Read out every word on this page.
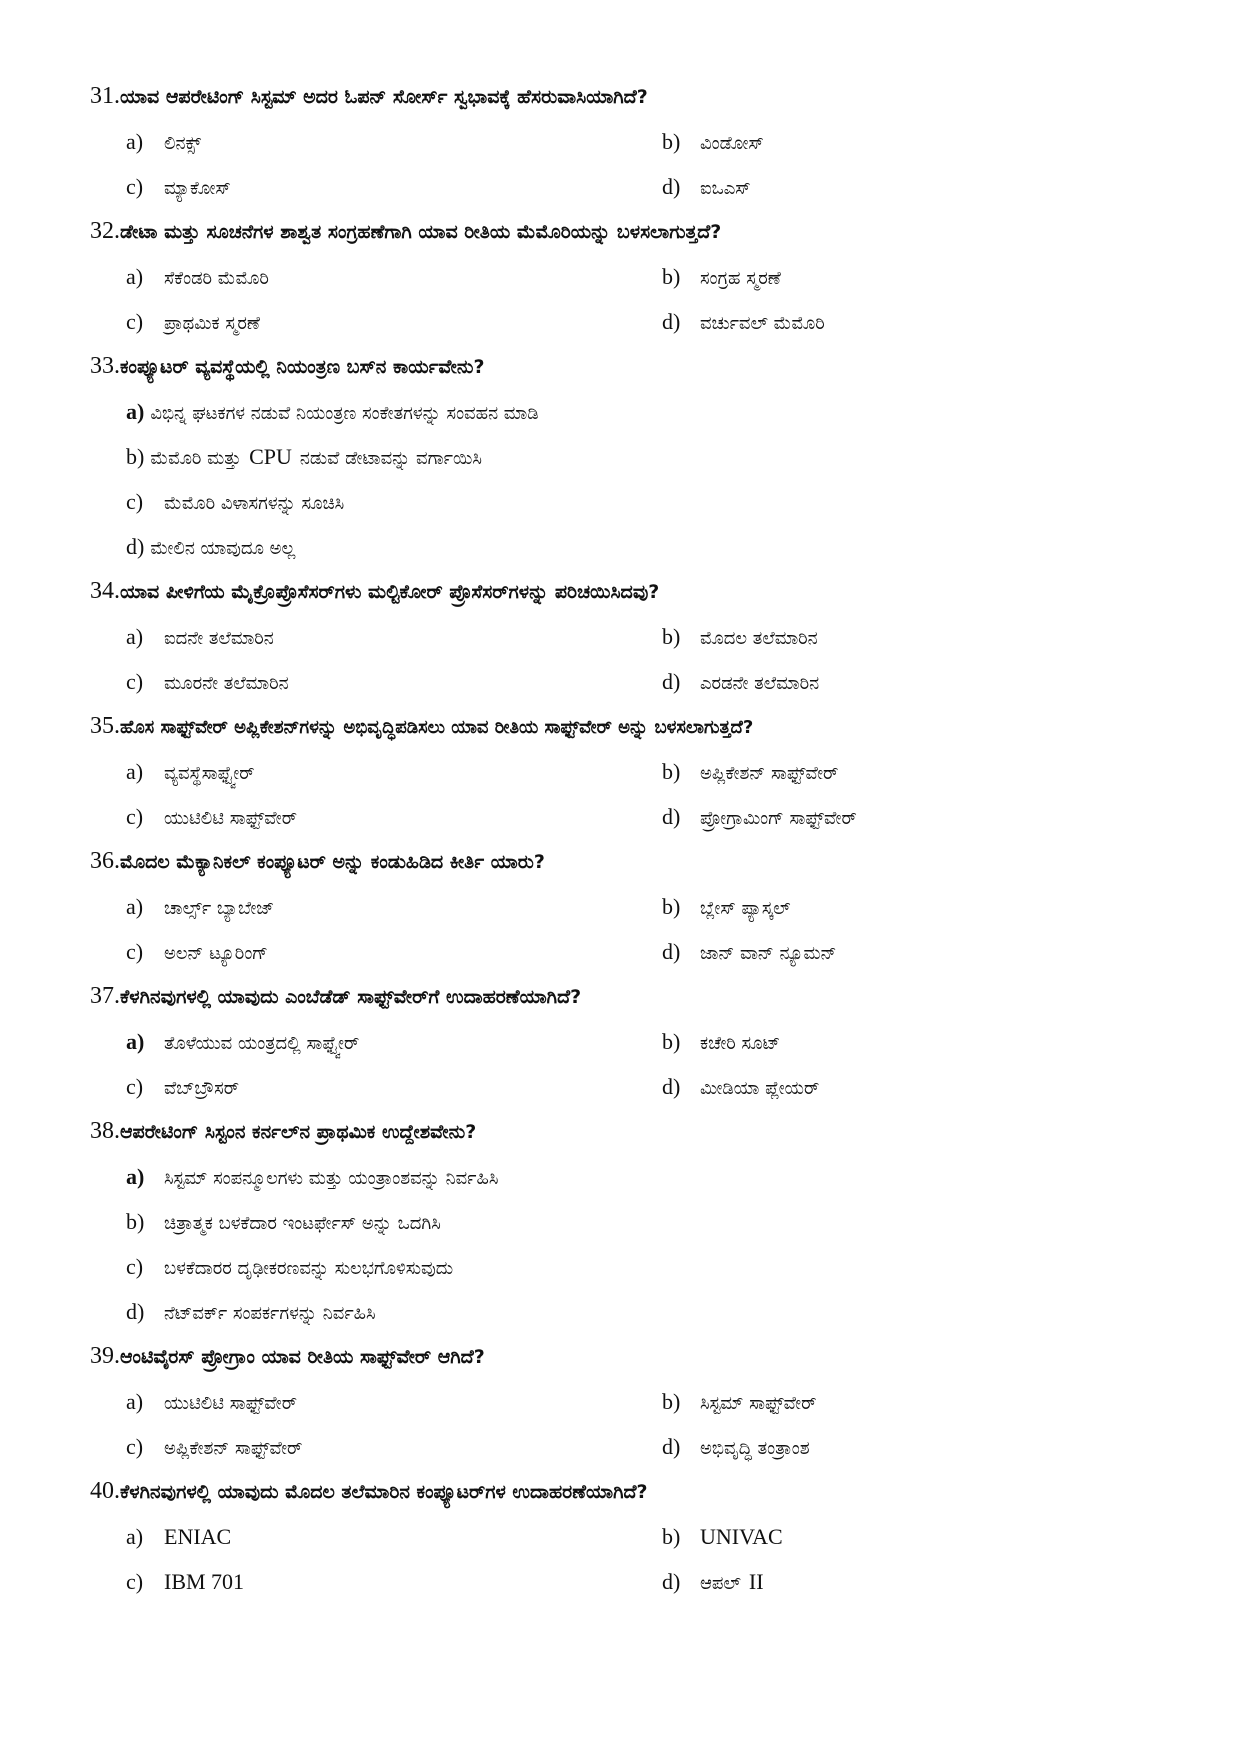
31. ಯಾವ ಆಪರೇಟಿಂಗ್ ಸಿಸ್ಟಮ್ ಅದರ ಓಪನ್ ಸೋರ್ಸ್ ಸ್ವಭಾವಕ್ಕೆ ಹೆಸರುವಾಸಿಯಾಗಿದೆ?
a)	ಲಿನಕ್ಸ್	b)	ವಿಂಡೋಸ್
c)	ಮ್ಯಾಕೋಸ್	d)	ಐಒಎಸ್
32. ಡೇಟಾ ಮತ್ತು ಸೂಚನೆಗಳ ಶಾಶ್ವತ ಸಂಗ್ರಹಣೆಗಾಗಿ ಯಾವ ರೀತಿಯ ಮೆಮೊರಿಯನ್ನು ಬಳಸಲಾಗುತ್ತದೆ?
a)	ಸೆಕೆಂಡರಿ ಮೆಮೊರಿ	b)	ಸಂಗ್ರಹ ಸ್ಮರಣೆ
c)	ಪ್ರಾಥಮಿಕ ಸ್ಮರಣೆ	d)	ವರ್ಚುವಲ್ ಮೆಮೊರಿ
33. ಕಂಪ್ಯೂಟರ್ ವ್ಯವಸ್ಥೆಯಲ್ಲಿ ನಿಯಂತ್ರಣ ಬಸ್‌ನ ಕಾರ್ಯವೇನು?
a) ವಿಭಿನ್ನ ಘಟಕಗಳ ನಡುವೆ ನಿಯಂತ್ರಣ ಸಂಕೇತಗಳನ್ನು ಸಂವಹನ ಮಾಡಿ
b) ಮೆಮೊರಿ ಮತ್ತು CPU ನಡುವೆ ಡೇಟಾವನ್ನು ವರ್ಗಾಯಿಸಿ
c)	ಮೆಮೊರಿ ವಿಳಾಸಗಳನ್ನು ಸೂಚಿಸಿ
d) ಮೇಲಿನ ಯಾವುದೂ ಅಲ್ಲ
34. ಯಾವ ಪೀಳಿಗೆಯ ಮೈಕ್ರೊಪ್ರೊಸೆಸರ್‌ಗಳು ಮಲ್ಟಿಕೋರ್ ಪ್ರೊಸೆಸರ್‌ಗಳನ್ನು ಪರಿಚಯಿಸಿದವು?
a)	ಐದನೇ ತಲೆಮಾರಿನ	b)	ಮೊದಲ ತಲೆಮಾರಿನ
c)	ಮೂರನೇ ತಲೆಮಾರಿನ	d)	ಎರಡನೇ ತಲೆಮಾರಿನ
35. ಹೊಸ ಸಾಫ್ಟ್‌ವೇರ್ ಅಪ್ಲಿಕೇಶನ್‌ಗಳನ್ನು ಅಭಿವೃದ್ಧಿಪಡಿಸಲು ಯಾವ ರೀತಿಯ ಸಾಫ್ಟ್‌ವೇರ್ ಅನ್ನು ಬಳಸಲಾಗುತ್ತದೆ?
a)	ವ್ಯವಸ್ಥೆಸಾಫ್ಟ್ವೇರ್	b)	ಅಪ್ಲಿಕೇಶನ್ ಸಾಫ್ಟ್‌ವೇರ್
c)	ಯುಟಿಲಿಟಿ ಸಾಫ್ಟ್‌ವೇರ್	d)	ಪ್ರೋಗ್ರಾಮಿಂಗ್ ಸಾಫ್ಟ್‌ವೇರ್
36. ಮೊದಲ ಮೆಕ್ಯಾನಿಕಲ್ ಕಂಪ್ಯೂಟರ್ ಅನ್ನು ಕಂಡುಹಿಡಿದ ಕೀರ್ತಿ ಯಾರು?
a)	ಚಾರ್ಲ್ಸ್ ಬ್ಯಾಬೇಜ್	b)	ಬ್ಲೇಸ್ ಪ್ಯಾಸ್ಕಲ್
c)	ಅಲನ್ ಟ್ಯೂರಿಂಗ್	d)	ಜಾನ್ ವಾನ್ ನ್ಯೂಮನ್
37. ಕೆಳಗಿನವುಗಳಲ್ಲಿ ಯಾವುದು ಎಂಬೆಡೆಡ್ ಸಾಫ್ಟ್‌ವೇರ್‌ಗೆ ಉದಾಹರಣೆಯಾಗಿದೆ?
a)	ತೊಳೆಯುವ ಯಂತ್ರದಲ್ಲಿ ಸಾಫ್ಟ್ವೇರ್	b)	ಕಚೇರಿ ಸೂಟ್
c)	ವೆಬ್‌ಬ್ರೌಸರ್	d)	ಮೀಡಿಯಾ ಪ್ಲೇಯರ್
38. ಆಪರೇಟಿಂಗ್ ಸಿಸ್ಟಂನ ಕರ್ನಲ್‌ನ ಪ್ರಾಥಮಿಕ ಉದ್ದೇಶವೇನು?
a)	ಸಿಸ್ಟಮ್ ಸಂಪನ್ಮೂಲಗಳು ಮತ್ತು ಯಂತ್ರಾಂಶವನ್ನು ನಿರ್ವಹಿಸಿ
b)	ಚಿತ್ರಾತ್ಮಕ ಬಳಕೆದಾರ ಇಂಟರ್ಫೇಸ್ ಅನ್ನು ಒದಗಿಸಿ
c)	ಬಳಕೆದಾರರ ದೃಢೀಕರಣವನ್ನು ಸುಲಭಗೊಳಿಸುವುದು
d)	ನೆಟ್‌ವರ್ಕ್ ಸಂಪರ್ಕಗಳನ್ನು ನಿರ್ವಹಿಸಿ
39. ಆಂಟಿವೈರಸ್ ಪ್ರೋಗ್ರಾಂ ಯಾವ ರೀತಿಯ ಸಾಫ್ಟ್‌ವೇರ್ ಆಗಿದೆ?
a)	ಯುಟಿಲಿಟಿ ಸಾಫ್ಟ್‌ವೇರ್	b)	ಸಿಸ್ಟಮ್ ಸಾಫ್ಟ್‌ವೇರ್
c)	ಅಪ್ಲಿಕೇಶನ್ ಸಾಫ್ಟ್‌ವೇರ್	d)	ಅಭಿವೃದ್ಧಿ ತಂತ್ರಾಂಶ
40. ಕೆಳಗಿನವುಗಳಲ್ಲಿ ಯಾವುದು ಮೊದಲ ತಲೆಮಾರಿನ ಕಂಪ್ಯೂಟರ್‌ಗಳ ಉದಾಹರಣೆಯಾಗಿದೆ?
a) ENIAC	b) UNIVAC
c) IBM 701	d)	ಆಪಲ್ II
